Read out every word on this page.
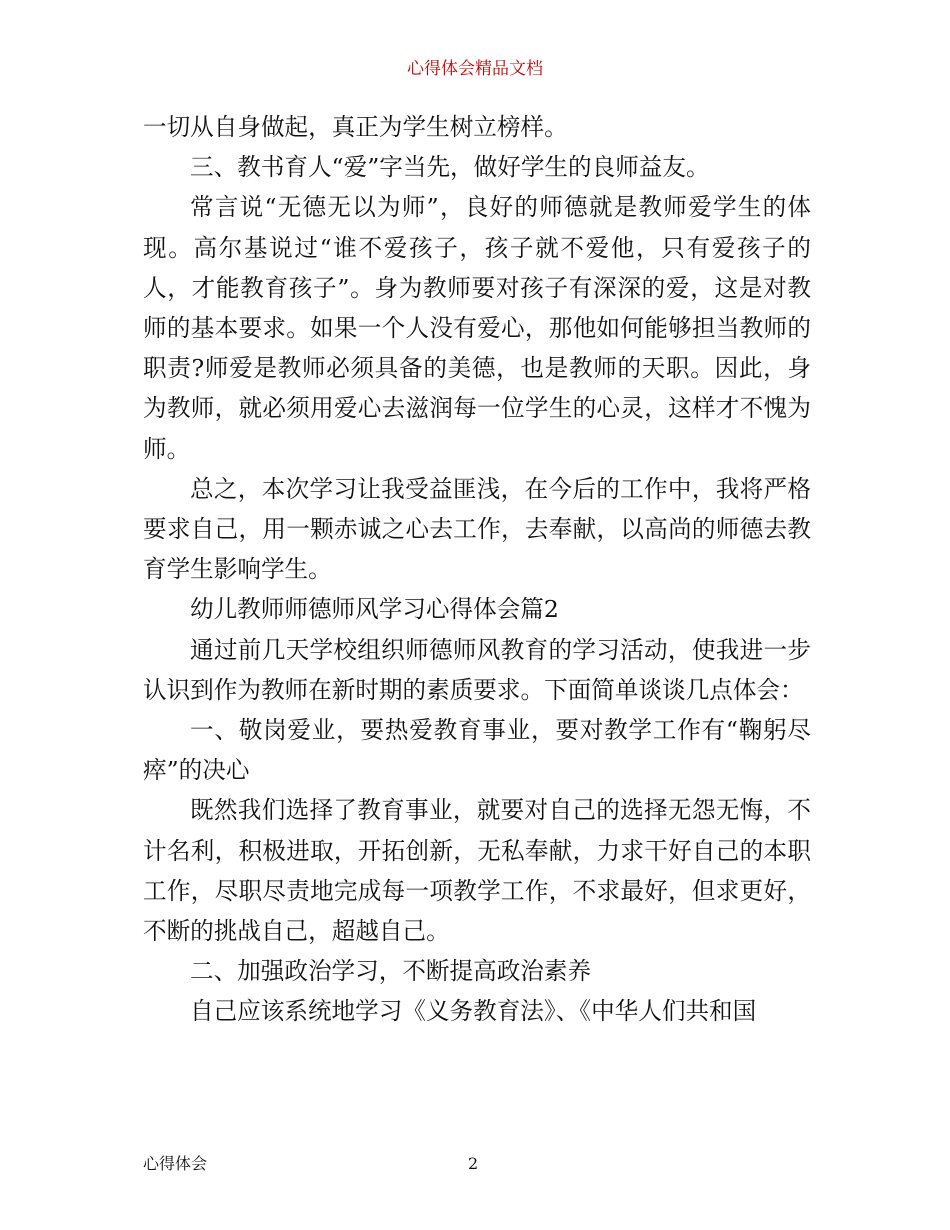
心得体会精品文档

一切从自身做起，真正为学生树立榜样。

三、教书育人“爱”字当先，做好学生的良师益友。

常言说“无德无以为师”，良好的师德就是教师爱学生的体现。高尔基说过“谁不爱孩子，孩子就不爱他，只有爱孩子的人，才能教育孩子”。身为教师要对孩子有深深的爱，这是对教师的基本要求。如果一个人没有爱心，那他如何能够担当教师的职责?师爱是教师必须具备的美德，也是教师的天职。因此，身为教师，就必须用爱心去滋润每一位学生的心灵，这样才不愧为师。

总之，本次学习让我受益匪浅，在今后的工作中，我将严格要求自己，用一颗赤诚之心去工作，去奉献，以高尚的师德去教育学生影响学生。

幼儿教师师德师风学习心得体会篇2

通过前几天学校组织师德师风教育的学习活动，使我进一步认识到作为教师在新时期的素质要求。下面简单谈谈几点体会：

一、敬岗爱业，要热爱教育事业，要对教学工作有“鞠躬尽瘁”的决心

既然我们选择了教育事业，就要对自己的选择无怨无悔，不计名利，积极进取，开拓创新，无私奉献，力求干好自己的本职工作，尽职尽责地完成每一项教学工作，不求最好，但求更好，不断的挑战自己，超越自己。

二、加强政治学习，不断提高政治素养

自己应该系统地学习《义务教育法》、《中华人们共和国

心得体会	2
